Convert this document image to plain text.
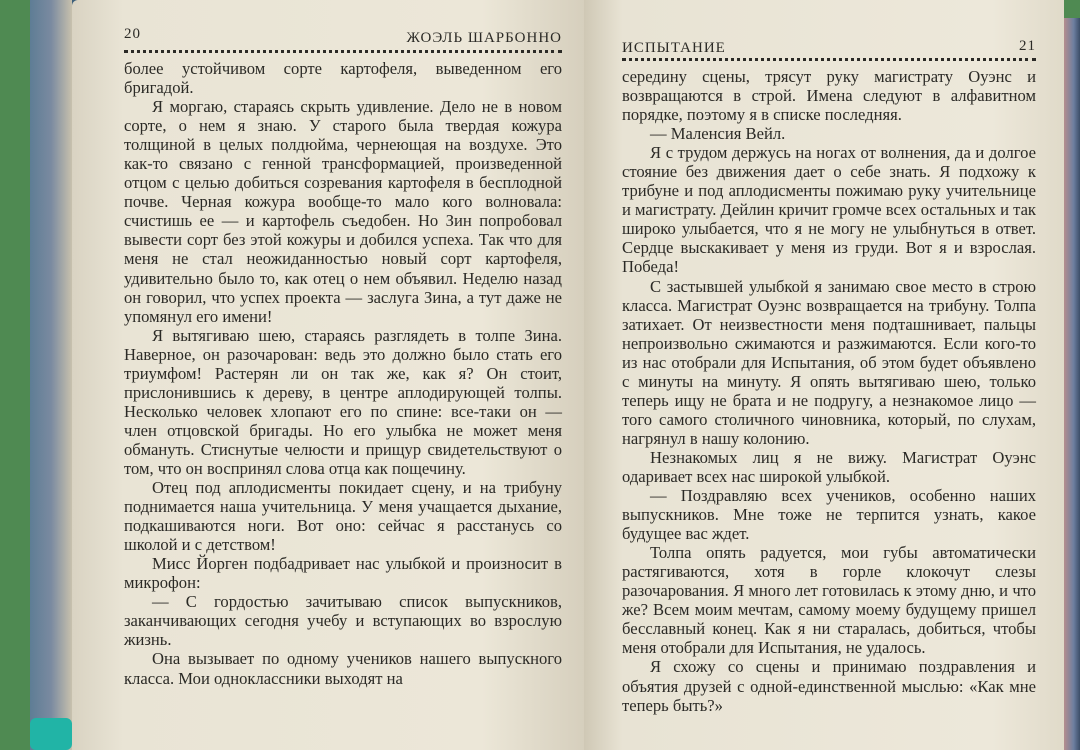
20	ЖОЭЛЬ ШАРБОННО

более устойчивом сорте картофеля, выведенном его бригадой.

Я моргаю, стараясь скрыть удивление. Дело не в новом сорте, о нем я знаю. У старого была твердая кожура толщиной в целых полдюйма, чернеющая на воздухе. Это как-то связано с генной трансформацией, произведенной отцом с целью добиться созревания картофеля в бесплодной почве. Черная кожура вообще-то мало кого волновала: счистишь ее — и картофель съедобен. Но Зин попробовал вывести сорт без этой кожуры и добился успеха. Так что для меня не стал неожиданностью новый сорт картофеля, удивительно было то, как отец о нем объявил. Неделю назад он говорил, что успех проекта — заслуга Зина, а тут даже не упомянул его имени!

Я вытягиваю шею, стараясь разглядеть в толпе Зина. Наверное, он разочарован: ведь это должно было стать его триумфом! Растерян ли он так же, как я? Он стоит, прислонившись к дереву, в центре аплодирующей толпы. Несколько человек хлопают его по спине: все-таки он — член отцовской бригады. Но его улыбка не может меня обмануть. Стиснутые челюсти и прищур свидетельствуют о том, что он воспринял слова отца как пощечину.

Отец под аплодисменты покидает сцену, и на трибуну поднимается наша учительница. У меня учащается дыхание, подкашиваются ноги. Вот оно: сейчас я расстанусь со школой и с детством!

Мисс Йорген подбадривает нас улыбкой и произносит в микрофон:

— С гордостью зачитываю список выпускников, заканчивающих сегодня учебу и вступающих во взрослую жизнь.

Она вызывает по одному учеников нашего выпускного класса. Мои одноклассники выходят на

ИСПЫТАНИЕ	21

середину сцены, трясут руку магистрату Оуэнс и возвращаются в строй. Имена следуют в алфавитном порядке, поэтому я в списке последняя.

— Маленсия Вейл.

Я с трудом держусь на ногах от волнения, да и долгое стояние без движения дает о себе знать. Я подхожу к трибуне и под аплодисменты пожимаю руку учительнице и магистрату. Дейлин кричит громче всех остальных и так широко улыбается, что я не могу не улыбнуться в ответ. Сердце выскакивает у меня из груди. Вот я и взрослая. Победа!

С застывшей улыбкой я занимаю свое место в строю класса. Магистрат Оуэнс возвращается на трибуну. Толпа затихает. От неизвестности меня подташнивает, пальцы непроизвольно сжимаются и разжимаются. Если кого-то из нас отобрали для Испытания, об этом будет объявлено с минуты на минуту. Я опять вытягиваю шею, только теперь ищу не брата и не подругу, а незнакомое лицо — того самого столичного чиновника, который, по слухам, нагрянул в нашу колонию.

Незнакомых лиц я не вижу. Магистрат Оуэнс одаривает всех нас широкой улыбкой.

— Поздравляю всех учеников, особенно наших выпускников. Мне тоже не терпится узнать, какое будущее вас ждет.

Толпа опять радуется, мои губы автоматически растягиваются, хотя в горле клокочут слезы разочарования. Я много лет готовилась к этому дню, и что же? Всем моим мечтам, самому моему будущему пришел бесславный конец. Как я ни старалась, добиться, чтобы меня отобрали для Испытания, не удалось.

Я схожу со сцены и принимаю поздравления и объятия друзей с одной-единственной мыслью: «Как мне теперь быть?»
